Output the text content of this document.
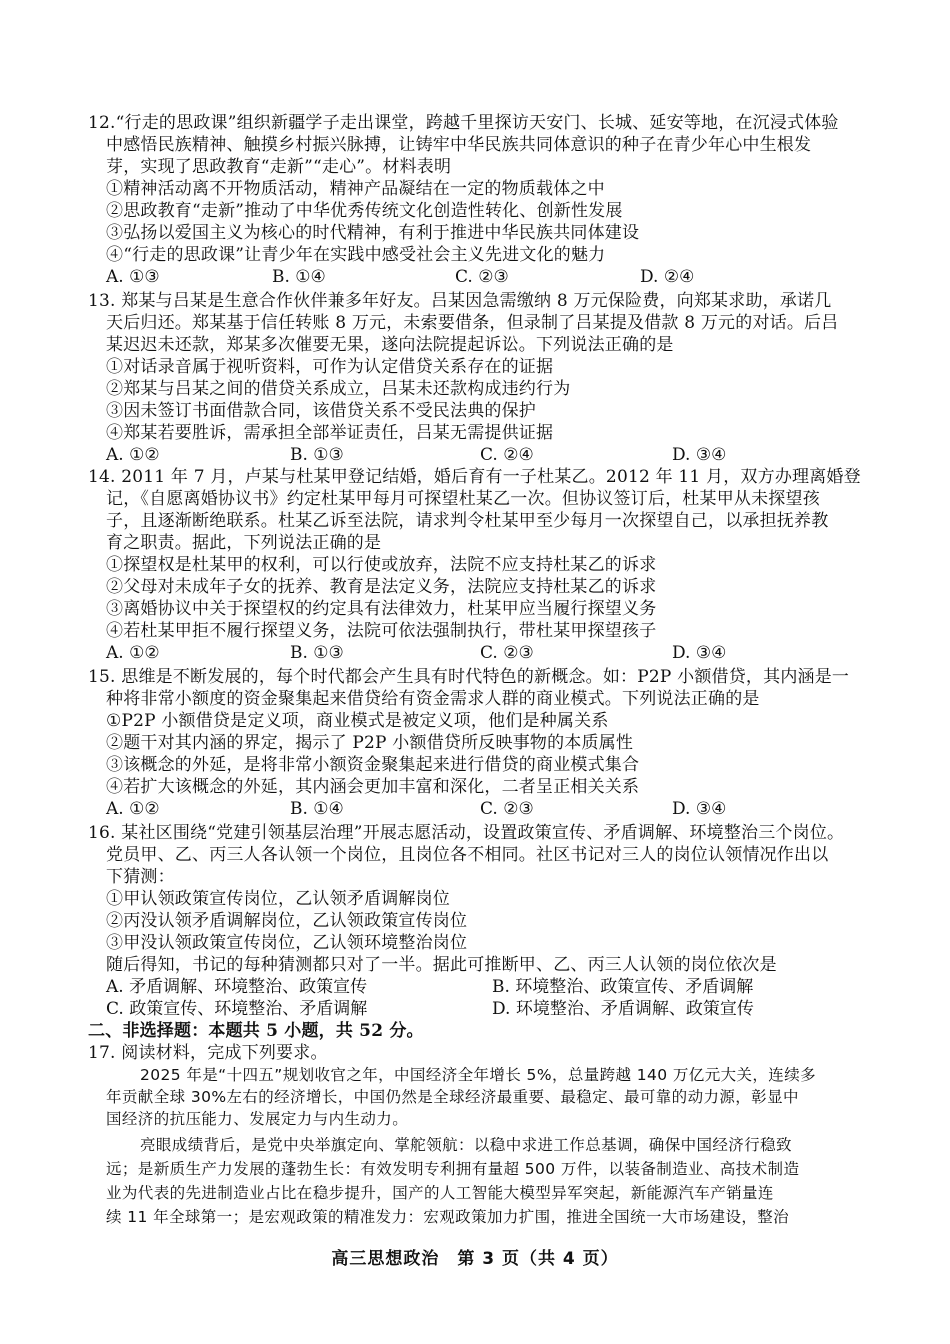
12.“行走的思政课”组织新疆学子走出课堂，跨越千里探访天安门、长城、延安等地，在沉浸式体验
中感悟民族精神、触摸乡村振兴脉搏，让铸牢中华民族共同体意识的种子在青少年心中生根发
芽，实现了思政教育“走新”“走心”。材料表明
①精神活动离不开物质活动，精神产品凝结在一定的物质载体之中
②思政教育“走新”推动了中华优秀传统文化创造性转化、创新性发展
③弘扬以爱国主义为核心的时代精神，有利于推进中华民族共同体建设
④“行走的思政课”让青少年在实践中感受社会主义先进文化的魅力
A. ①③	B. ①④	C. ②③	D. ②④
13. 郑某与吕某是生意合作伙伴兼多年好友。吕某因急需缴纳 8 万元保险费，向郑某求助，承诺几
天后归还。郑某基于信任转账 8 万元，未索要借条，但录制了吕某提及借款 8 万元的对话。后吕
某迟迟未还款，郑某多次催要无果，遂向法院提起诉讼。下列说法正确的是
①对话录音属于视听资料，可作为认定借贷关系存在的证据
②郑某与吕某之间的借贷关系成立，吕某未还款构成违约行为
③因未签订书面借款合同，该借贷关系不受民法典的保护
④郑某若要胜诉，需承担全部举证责任，吕某无需提供证据
A. ①②	B. ①③	C. ②④	D. ③④
14. 2011 年 7 月，卢某与杜某甲登记结婚，婚后育有一子杜某乙。2012 年 11 月，双方办理离婚登
记，《自愿离婚协议书》约定杜某甲每月可探望杜某乙一次。但协议签订后，杜某甲从未探望孩
子，且逐渐断绝联系。杜某乙诉至法院，请求判令杜某甲至少每月一次探望自己，以承担抚养教
育之职责。据此，下列说法正确的是
①探望权是杜某甲的权利，可以行使或放弃，法院不应支持杜某乙的诉求
②父母对未成年子女的抚养、教育是法定义务，法院应支持杜某乙的诉求
③离婚协议中关于探望权的约定具有法律效力，杜某甲应当履行探望义务
④若杜某甲拒不履行探望义务，法院可依法强制执行，带杜某甲探望孩子
A. ①②	B. ①③	C. ②③	D. ③④
15. 思维是不断发展的，每个时代都会产生具有时代特色的新概念。如：P2P 小额借贷，其内涵是一
种将非常小额度的资金聚集起来借贷给有资金需求人群的商业模式。下列说法正确的是
①P2P 小额借贷是定义项，商业模式是被定义项，他们是种属关系
②题干对其内涵的界定，揭示了 P2P 小额借贷所反映事物的本质属性
③该概念的外延，是将非常小额资金聚集起来进行借贷的商业模式集合
④若扩大该概念的外延，其内涵会更加丰富和深化，二者呈正相关关系
A. ①②	B. ①④	C. ②③	D. ③④
16. 某社区围绕“党建引领基层治理”开展志愿活动，设置政策宣传、矛盾调解、环境整治三个岗位。
党员甲、乙、丙三人各认领一个岗位，且岗位各不相同。社区书记对三人的岗位认领情况作出以
下猜测：
①甲认领政策宣传岗位，乙认领矛盾调解岗位
②丙没认领矛盾调解岗位，乙认领政策宣传岗位
③甲没认领政策宣传岗位，乙认领环境整治岗位
随后得知，书记的每种猜测都只对了一半。据此可推断甲、乙、丙三人认领的岗位依次是
A. 矛盾调解、环境整治、政策宣传	B. 环境整治、政策宣传、矛盾调解
C. 政策宣传、环境整治、矛盾调解	D. 环境整治、矛盾调解、政策宣传
二、非选择题：本题共 5 小题，共 52 分。
17. 阅读材料，完成下列要求。
2025 年是“十四五”规划收官之年，中国经济全年增长 5%，总量跨越 140 万亿元大关，连续多
年贡献全球 30%左右的经济增长，中国仍然是全球经济最重要、最稳定、最可靠的动力源，彰显中
国经济的抗压能力、发展定力与内生动力。
亮眼成绩背后，是党中央举旗定向、掌舵领航：以稳中求进工作总基调，确保中国经济行稳致
远；是新质生产力发展的蓬勃生长：有效发明专利拥有量超 500 万件，以装备制造业、高技术制造
业为代表的先进制造业占比在稳步提升，国产的人工智能大模型异军突起，新能源汽车产销量连
续 11 年全球第一；是宏观政策的精准发力：宏观政策加力扩围，推进全国统一大市场建设，整治
高三思想政治　第 3 页（共 4 页）
